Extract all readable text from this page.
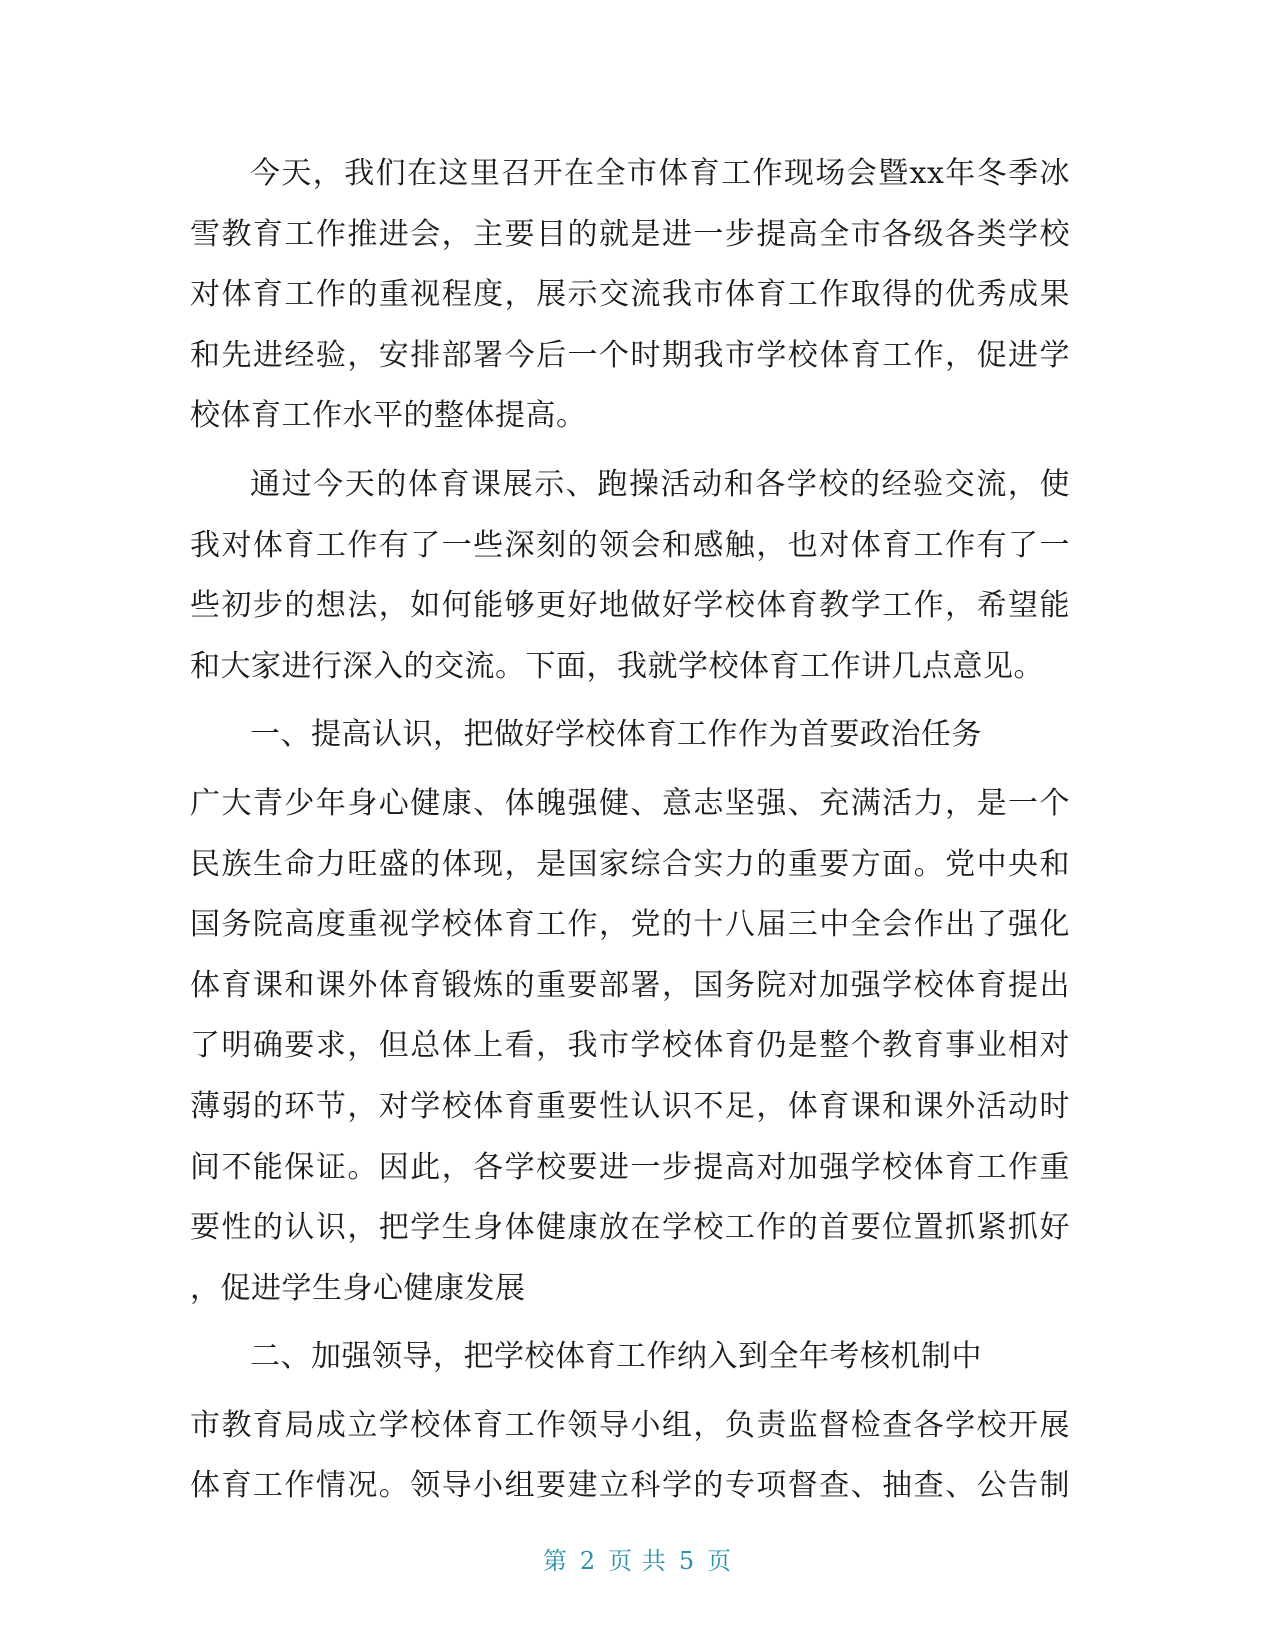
今天，我们在这里召开在全市体育工作现场会暨xx年冬季冰
雪教育工作推进会，主要目的就是进一步提高全市各级各类学校
对体育工作的重视程度，展示交流我市体育工作取得的优秀成果
和先进经验，安排部署今后一个时期我市学校体育工作，促进学
校体育工作水平的整体提高。
通过今天的体育课展示、跑操活动和各学校的经验交流，使
我对体育工作有了一些深刻的领会和感触，也对体育工作有了一
些初步的想法，如何能够更好地做好学校体育教学工作，希望能
和大家进行深入的交流。下面，我就学校体育工作讲几点意见。
一、提高认识，把做好学校体育工作作为首要政治任务
广大青少年身心健康、体魄强健、意志坚强、充满活力，是一个
民族生命力旺盛的体现，是国家综合实力的重要方面。党中央和
国务院高度重视学校体育工作，党的十八届三中全会作出了强化
体育课和课外体育锻炼的重要部署，国务院对加强学校体育提出
了明确要求，但总体上看，我市学校体育仍是整个教育事业相对
薄弱的环节，对学校体育重要性认识不足，体育课和课外活动时
间不能保证。因此，各学校要进一步提高对加强学校体育工作重
要性的认识，把学生身体健康放在学校工作的首要位置抓紧抓好
，促进学生身心健康发展
二、加强领导，把学校体育工作纳入到全年考核机制中
市教育局成立学校体育工作领导小组，负责监督检查各学校开展
体育工作情况。领导小组要建立科学的专项督查、抽查、公告制
第 2 页 共 5 页
